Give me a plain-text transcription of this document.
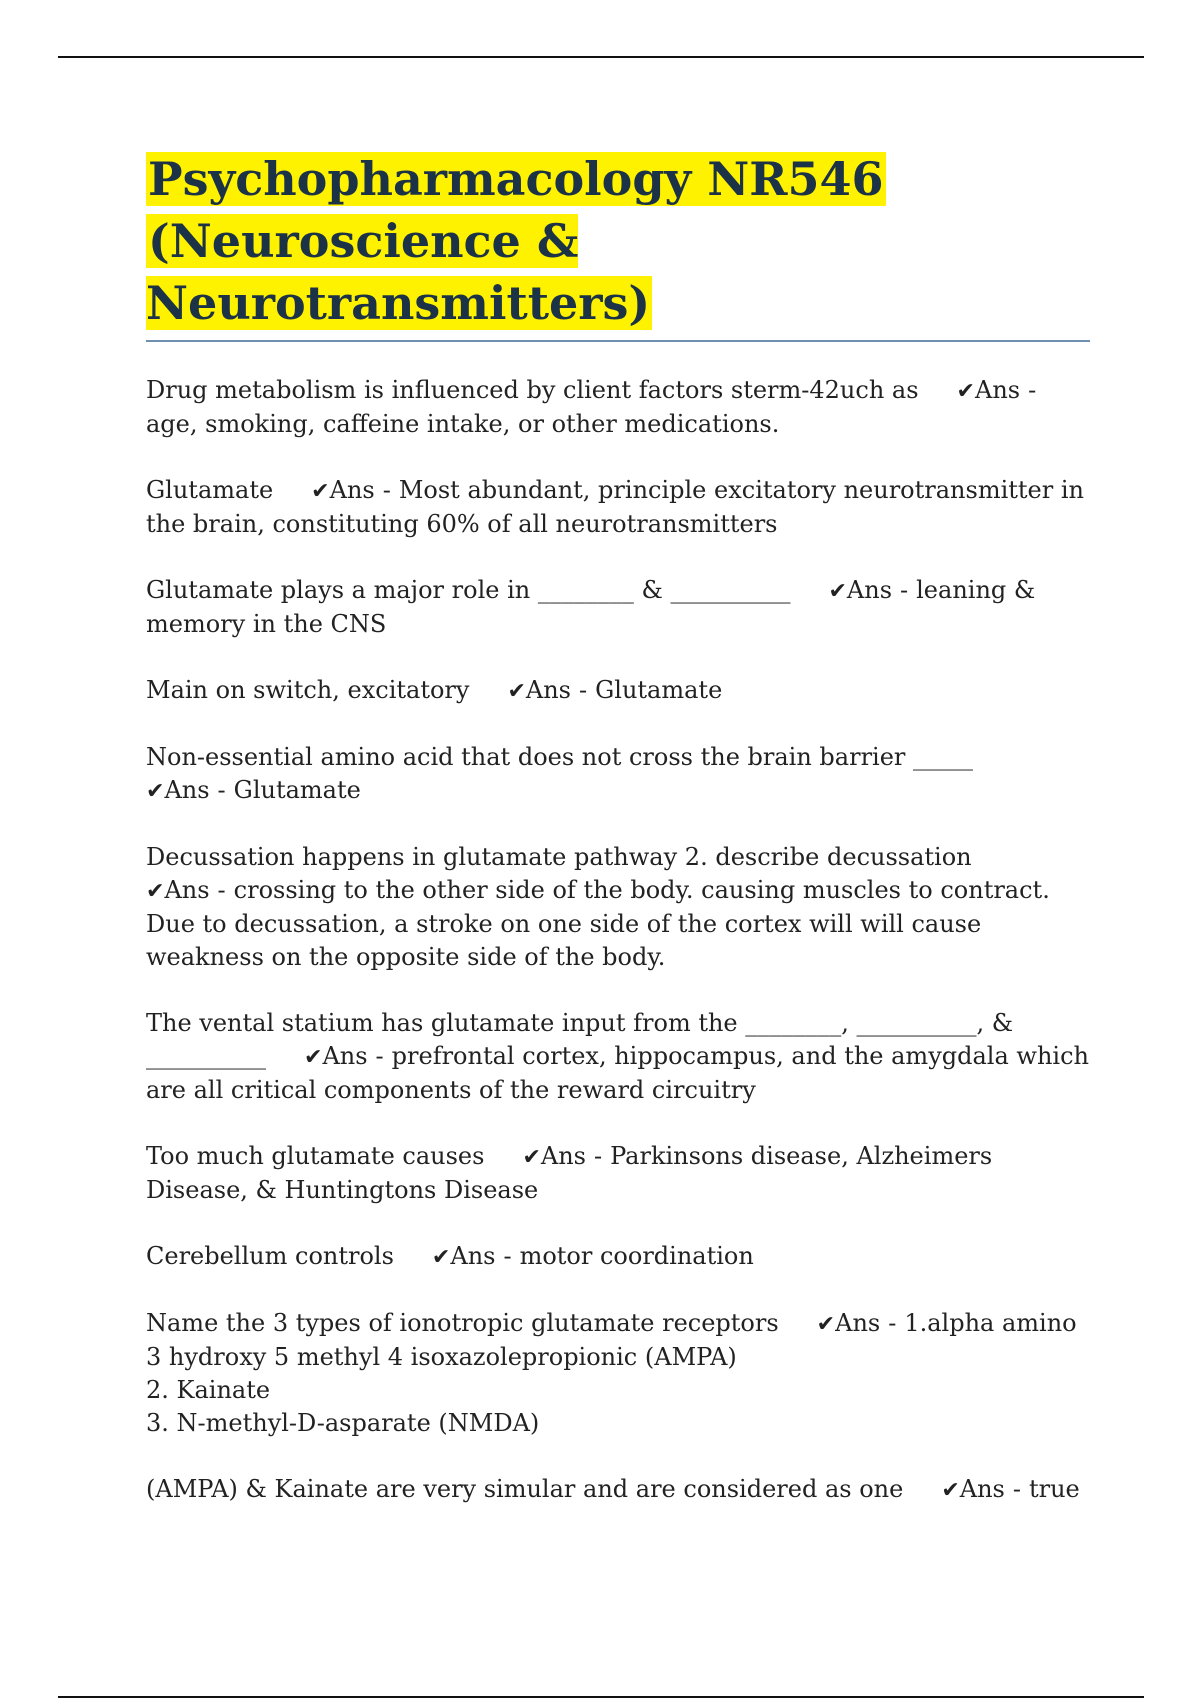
Psychopharmacology NR546
(Neuroscience & Neurotransmitters)
Drug metabolism is influenced by client factors sterm-42uch as ✔Ans -age, smoking, caffeine intake, or other medications.
Glutamate ✔Ans - Most abundant, principle excitatory neurotransmitter in the brain, constituting 60% of all neurotransmitters
Glutamate plays a major role in ________ & __________ ✔Ans - leaning & memory in the CNS
Main on switch, excitatory ✔Ans - Glutamate
Non-essential amino acid that does not cross the brain barrier _____✔Ans - Glutamate
Decussation happens in glutamate pathway 2. describe decussation✔Ans - crossing to the other side of the body. causing muscles to contract. Due to decussation, a stroke on one side of the cortex will will cause weakness on the opposite side of the body.
The vental statium has glutamate input from the ________, __________, & __________ ✔Ans - prefrontal cortex, hippocampus, and the amygdala which are all critical components of the reward circuitry
Too much glutamate causes ✔Ans - Parkinsons disease, Alzheimers Disease, & Huntingtons Disease
Cerebellum controls ✔Ans - motor coordination
Name the 3 types of ionotropic glutamate receptors ✔Ans - 1.alpha amino 3 hydroxy 5 methyl 4 isoxazolepropionic (AMPA)
2. Kainate
3. N-methyl-D-asparate (NMDA)
(AMPA) & Kainate are very simular and are considered as one ✔Ans - true
